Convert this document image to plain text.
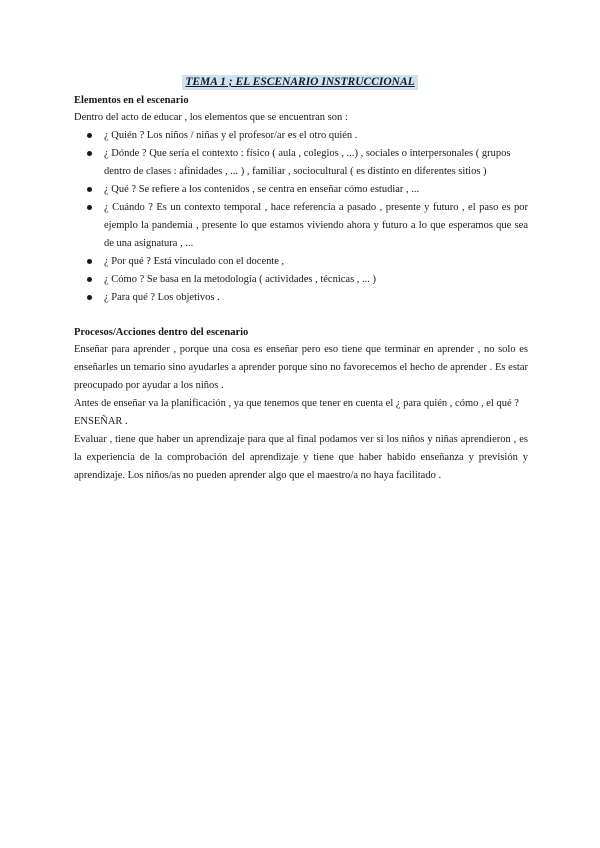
TEMA 1 ; EL ESCENARIO INSTRUCCIONAL

Elementos en el escenario

Dentro del acto de educar , los elementos que se encuentran son :

¿ Quién ? Los niños / niñas y el profesor/ar es el otro quién .
¿ Dónde ? Que sería el contexto : físico ( aula , colegios , ...) , sociales o interpersonales ( grupos dentro de clases : afinidades , ... ) , familiar , sociocultural ( es distinto en diferentes sitios )
¿ Qué ? Se refiere a los contenidos , se centra en enseñar cómo estudiar , ...
¿ Cuándo ? Es un contexto temporal , hace referencia a pasado , presente y futuro , el paso es por ejemplo la pandemia , presente lo que estamos viviendo ahora y futuro a lo que esperamos que sea de una asignatura , ...
¿ Por qué ? Está vinculado con el docente ,
¿ Cómo ? Se basa en la metodología ( actividades , técnicas , ... )
¿ Para qué ? Los objetivos .

Procesos/Acciones dentro del escenario

Enseñar para aprender , porque una cosa es enseñar pero eso tiene que terminar en aprender , no solo es enseñarles un temario sino ayudarles a aprender porque sino no favorecemos el hecho de aprender . Es estar preocupado por ayudar a los niños .

Antes de enseñar va la planificación , ya que tenemos que tener en cuenta el ¿ para quién , cómo , el qué ? ENSEÑAR .

Evaluar , tiene que haber un aprendizaje para que al final podamos ver si los niños y niñas aprendieron , es la experiencia de la comprobación del aprendizaje y tiene que haber habido enseñanza y previsión y aprendizaje. Los niños/as no pueden aprender algo que el maestro/a no haya facilitado .
